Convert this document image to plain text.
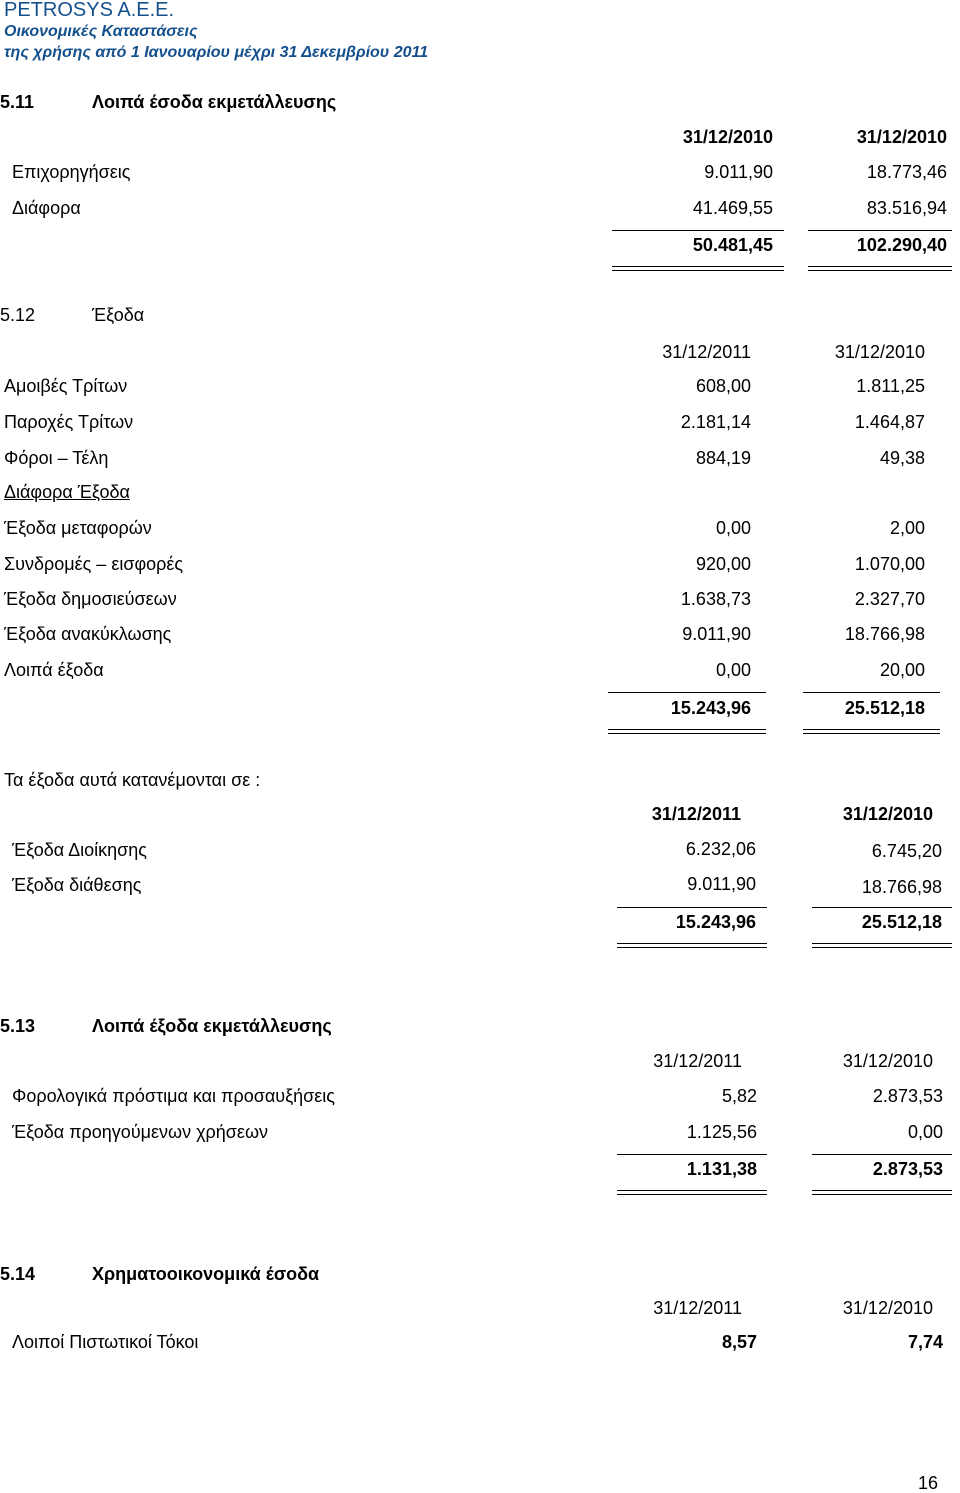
PETROSYS A.E.E.
Οικονομικές Καταστάσεις
της χρήσης από 1 Ιανουαρίου μέχρι 31 Δεκεμβρίου 2011
5.11	Λοιπά έσοδα εκμετάλλευσης
31/12/2010	31/12/2010
Επιχορηγήσεις	9.011,90	18.773,46
Διάφορα	41.469,55	83.516,94
50.481,45	102.290,40
5.12	Έξοδα
31/12/2011	31/12/2010
Αμοιβές Τρίτων	608,00	1.811,25
Παροχές Τρίτων	2.181,14	1.464,87
Φόροι – Τέλη	884,19	49,38
Διάφορα Έξοδα
Έξοδα μεταφορών	0,00	2,00
Συνδρομές – εισφορές	920,00	1.070,00
Έξοδα δημοσιεύσεων	1.638,73	2.327,70
Έξοδα ανακύκλωσης	9.011,90	18.766,98
Λοιπά έξοδα	0,00	20,00
15.243,96	25.512,18
Τα έξοδα αυτά κατανέμονται σε :
31/12/2011	31/12/2010
Έξοδα Διοίκησης	6.232,06	6.745,20
Έξοδα διάθεσης	9.011,90	18.766,98
15.243,96	25.512,18
5.13	Λοιπά έξοδα εκμετάλλευσης
31/12/2011	31/12/2010
Φορολογικά πρόστιμα και προσαυξήσεις	5,82	2.873,53
Έξοδα προηγούμενων χρήσεων	1.125,56	0,00
1.131,38	2.873,53
5.14	Χρηματοοικονομικά έσοδα
31/12/2011	31/12/2010
Λοιποί Πιστωτικοί Τόκοι	8,57	7,74
16
